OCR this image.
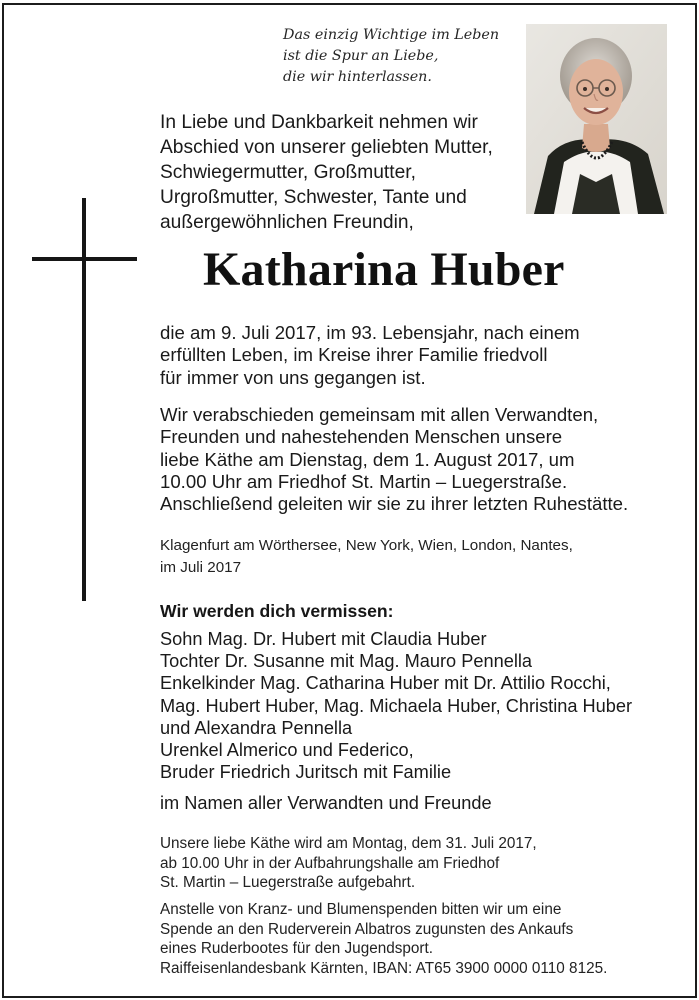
Das einzig Wichtige im Leben
ist die Spur an Liebe,
die wir hinterlassen.
In Liebe und Dankbarkeit nehmen wir
Abschied von unserer geliebten Mutter,
Schwiegermutter, Großmutter,
Urgroßmutter, Schwester, Tante und
außergewöhnlichen Freundin,
Katharina Huber
die am 9. Juli 2017, im 93. Lebensjahr, nach einem
erfüllten Leben, im Kreise ihrer Familie friedvoll
für immer von uns gegangen ist.
Wir verabschieden gemeinsam mit allen Verwandten,
Freunden und nahestehenden Menschen unsere
liebe Käthe am Dienstag, dem 1. August 2017, um
10.00 Uhr am Friedhof St. Martin – Luegerstraße.
Anschließend geleiten wir sie zu ihrer letzten Ruhestätte.
Klagenfurt am Wörthersee, New York, Wien, London, Nantes,
im Juli 2017
Wir werden dich vermissen:
Sohn Mag. Dr. Hubert mit Claudia Huber
Tochter Dr. Susanne mit Mag. Mauro Pennella
Enkelkinder Mag. Catharina Huber mit Dr. Attilio Rocchi,
Mag. Hubert Huber, Mag. Michaela Huber, Christina Huber
und Alexandra Pennella
Urenkel Almerico und Federico,
Bruder Friedrich Juritsch mit Familie
im Namen aller Verwandten und Freunde
Unsere liebe Käthe wird am Montag, dem 31. Juli 2017,
ab 10.00 Uhr in der Aufbahrungshalle am Friedhof
St. Martin – Luegerstraße aufgebahrt.
Anstelle von Kranz- und Blumenspenden bitten wir um eine
Spende an den Ruderverein Albatros zugunsten des Ankaufs
eines Ruderbootes für den Jugendsport.
Raiffeisenlandesbank Kärnten, IBAN: AT65 3900 0000 0110 8125.
